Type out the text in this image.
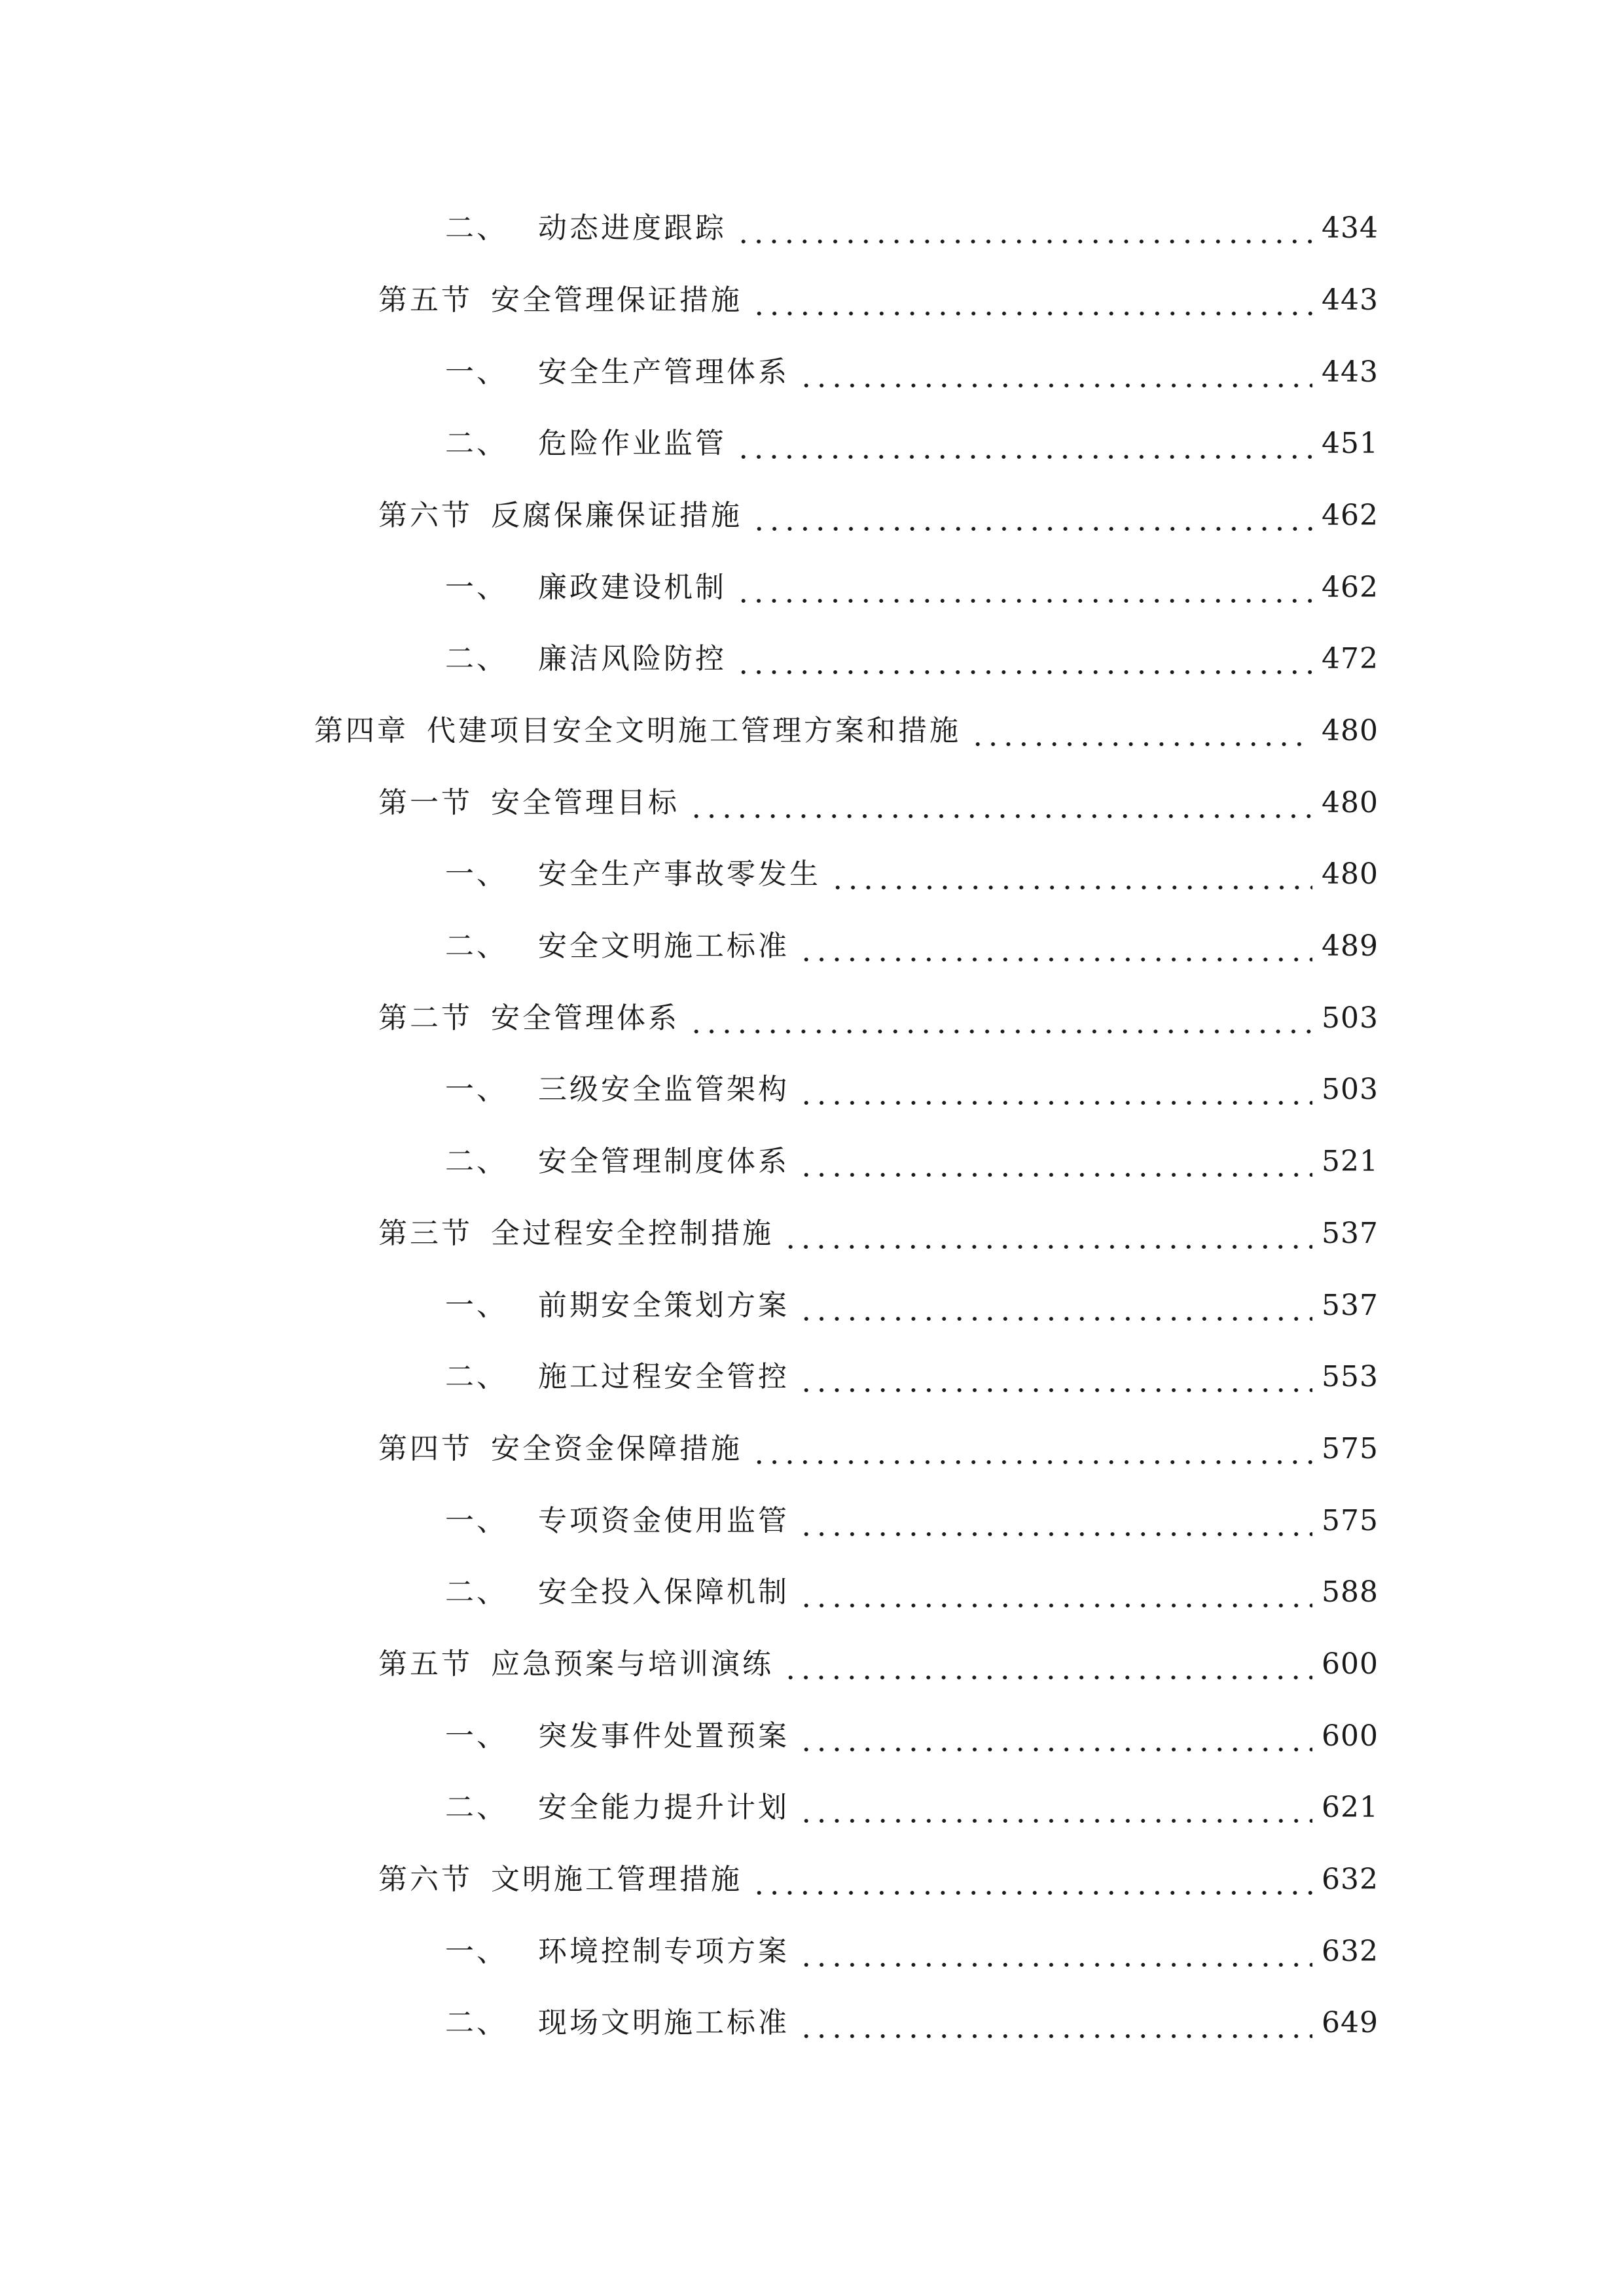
二、 动态进度跟踪	434
第五节 安全管理保证措施	443
一、 安全生产管理体系	443
二、 危险作业监管	451
第六节 反腐保廉保证措施	462
一、 廉政建设机制	462
二、 廉洁风险防控	472
第四章 代建项目安全文明施工管理方案和措施	480
第一节 安全管理目标	480
一、 安全生产事故零发生	480
二、 安全文明施工标准	489
第二节 安全管理体系	503
一、 三级安全监管架构	503
二、 安全管理制度体系	521
第三节 全过程安全控制措施	537
一、 前期安全策划方案	537
二、 施工过程安全管控	553
第四节 安全资金保障措施	575
一、 专项资金使用监管	575
二、 安全投入保障机制	588
第五节 应急预案与培训演练	600
一、 突发事件处置预案	600
二、 安全能力提升计划	621
第六节 文明施工管理措施	632
一、 环境控制专项方案	632
二、 现场文明施工标准	649
